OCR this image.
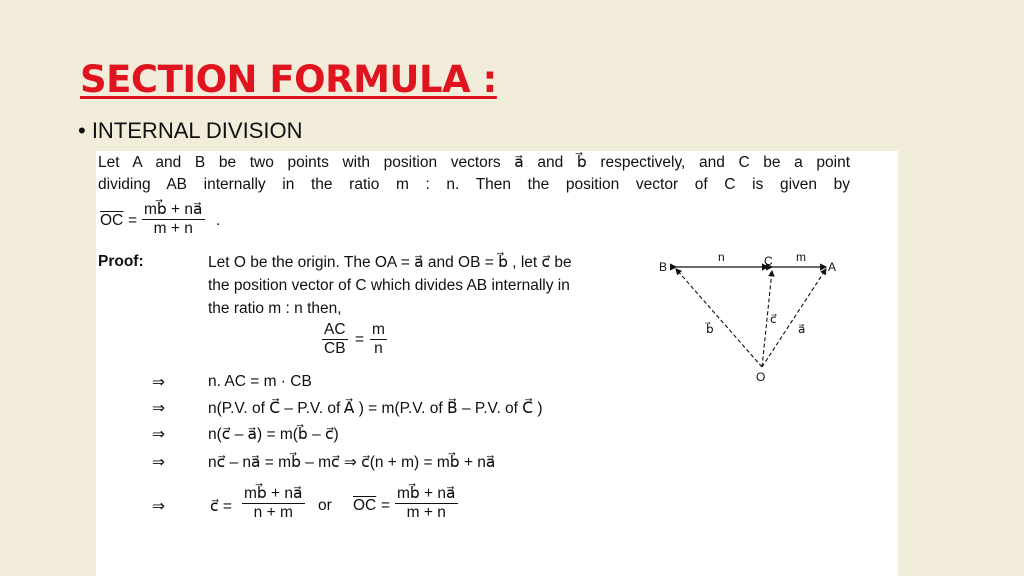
SECTION FORMULA :
• INTERNAL DIVISION
Let A and B be two points with position vectors a⃗ and b⃗ respectively, and C be a point
dividing AB internally in the ratio m : n. Then the position vector of C is given by
$\overline{OC} = \frac{mb⃗ + na⃗}{m + n}$ .
Proof:	Let O be the origin. The OA = a⃗ and OB = b⃗ , let c⃗ be
the position vector of C which divides AB internally in
the ratio m : n then,
$\frac{AC}{CB} = \frac{m}{n}$
⇒	n. AC = m · CB
⇒	n(P.V. of C⃗ – P.V. of A⃗ ) = m(P.V. of B⃗ – P.V. of C⃗ )
⇒	n(c⃗ – a⃗) = m(b⃗ – c⃗)
⇒	nc⃗ – na⃗ = mb⃗ – mc⃗ ⇒ c⃗(n + m) = mb⃗ + na⃗
⇒	c⃗ = $\frac{mb⃗ + na⃗}{n + m}$ or $\overline{OC} = \frac{mb⃗ + na⃗}{m + n}$
B	C	A
O
n	m
b⃗
c⃗
a⃗
